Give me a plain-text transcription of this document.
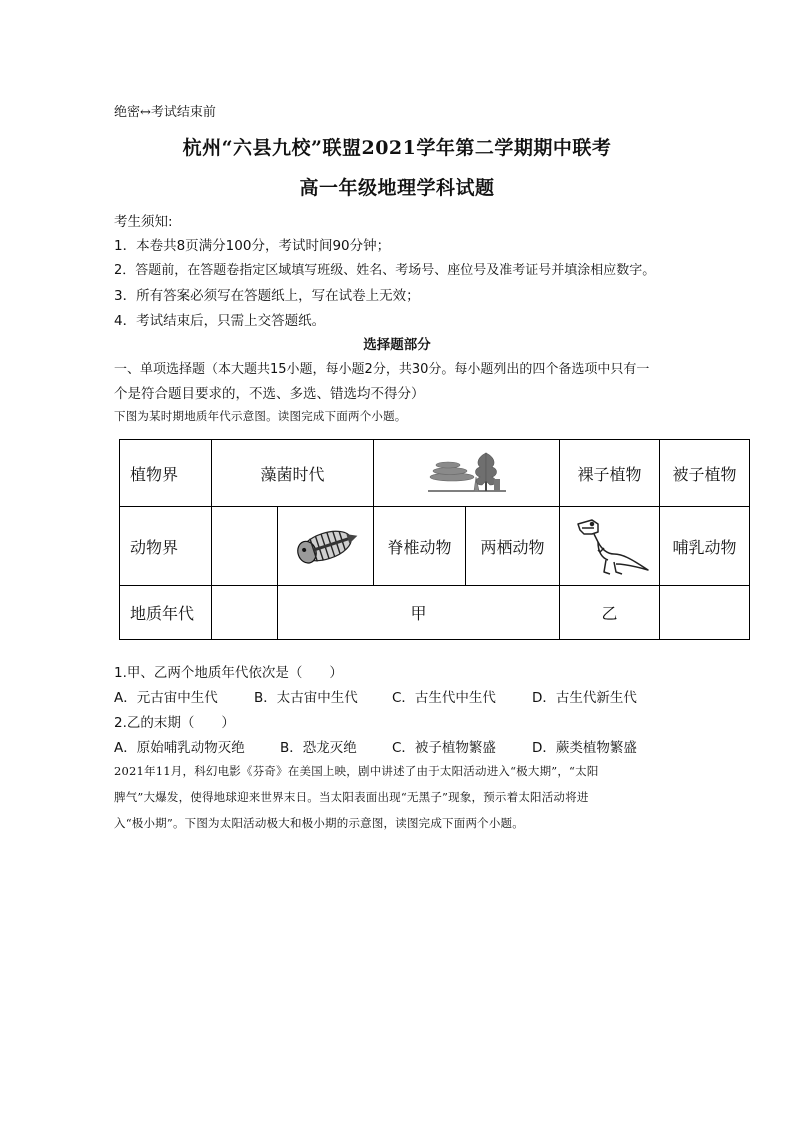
绝密↔考试结束前
杭州“六县九校”联盟2021学年第二学期期中联考
高一年级地理学科试题
考生须知:
1．本卷共8页满分100分，考试时间90分钟；
2．答题前，在答题卷指定区域填写班级、姓名、考场号、座位号及准考证号并填涂相应数字。
3．所有答案必须写在答题纸上，写在试卷上无效；
4．考试结束后，只需上交答题纸。
选择题部分
一、单项选择题（本大题共15小题，每小题2分，共30分。每小题列出的四个备选项中只有一
个是符合题目要求的，不选、多选、错选均不得分）
下图为某时期地质年代示意图。读图完成下面两个小题。
植物界	藻菌时代				裸子植物	被子植物
动物界			脊椎动物	两栖动物		哺乳动物
地质年代		甲			乙	
1.甲、乙两个地质年代依次是（　　）
A．元古宙中生代	B．太古宙中生代	C．古生代中生代	D．古生代新生代
2.乙的末期（　　）
A．原始哺乳动物灭绝	B．恐龙灭绝	C．被子植物繁盛	D．蕨类植物繁盛
2021年11月，科幻电影《芬奇》在美国上映，剧中讲述了由于太阳活动进入“极大期”，“太阳
脾气”大爆发，使得地球迎来世界末日。当太阳表面出现“无黑子”现象，预示着太阳活动将进
入“极小期”。下图为太阳活动极大和极小期的示意图，读图完成下面两个小题。
